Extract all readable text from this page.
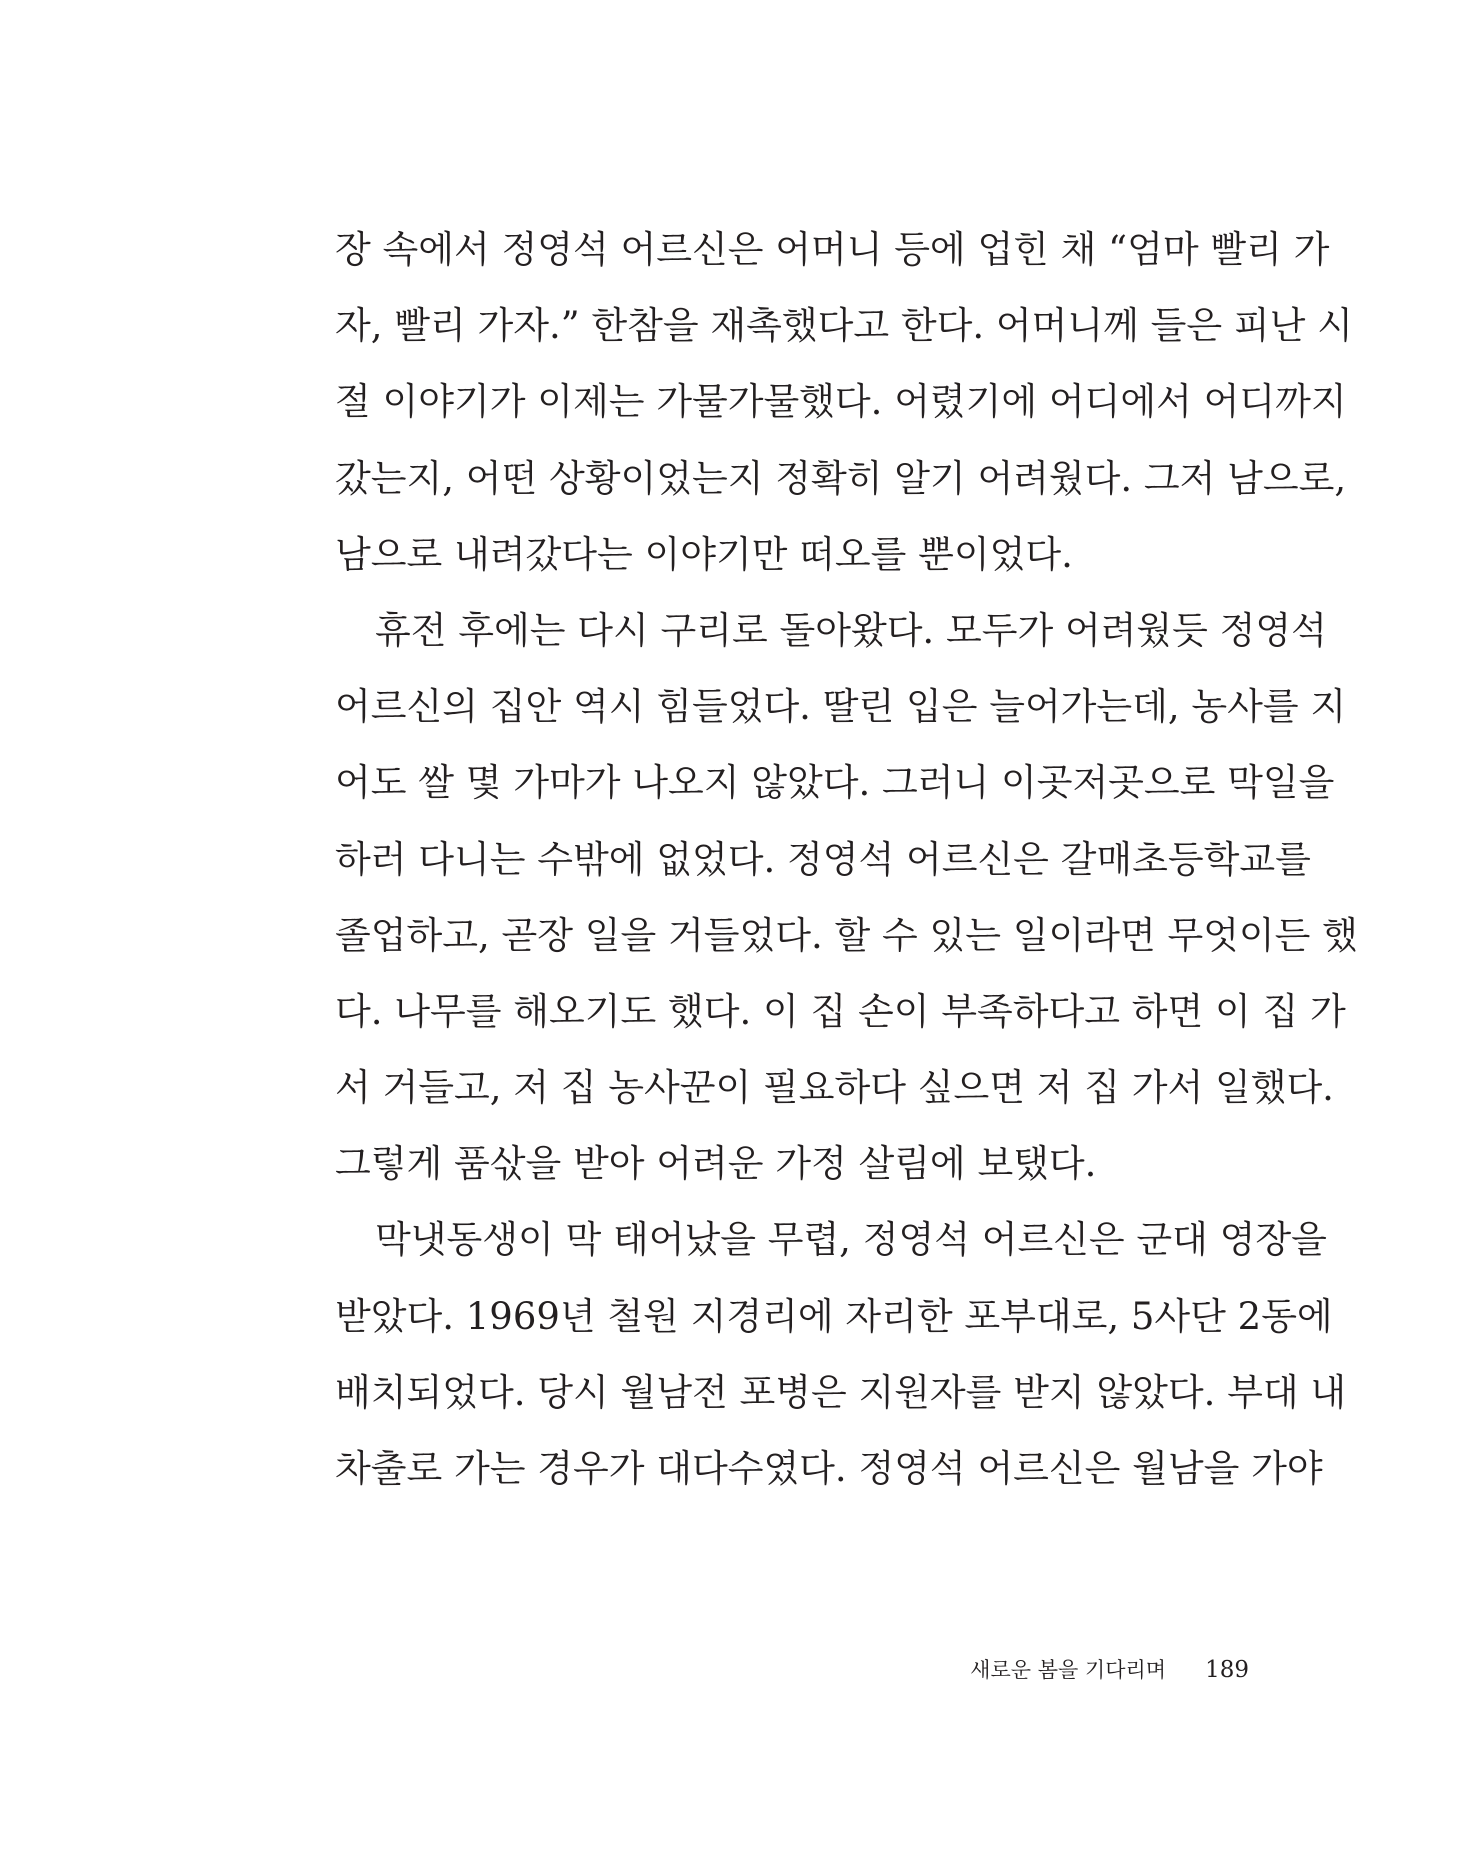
장 속에서 정영석 어르신은 어머니 등에 업힌 채 “엄마 빨리 가
자, 빨리 가자.” 한참을 재촉했다고 한다. 어머니께 들은 피난 시
절 이야기가 이제는 가물가물했다. 어렸기에 어디에서 어디까지
갔는지, 어떤 상황이었는지 정확히 알기 어려웠다. 그저 남으로,
남으로 내려갔다는 이야기만 떠오를 뿐이었다.
휴전 후에는 다시 구리로 돌아왔다. 모두가 어려웠듯 정영석
어르신의 집안 역시 힘들었다. 딸린 입은 늘어가는데, 농사를 지
어도 쌀 몇 가마가 나오지 않았다. 그러니 이곳저곳으로 막일을
하러 다니는 수밖에 없었다. 정영석 어르신은 갈매초등학교를
졸업하고, 곧장 일을 거들었다. 할 수 있는 일이라면 무엇이든 했
다. 나무를 해오기도 했다. 이 집 손이 부족하다고 하면 이 집 가
서 거들고, 저 집 농사꾼이 필요하다 싶으면 저 집 가서 일했다.
그렇게 품삯을 받아 어려운 가정 살림에 보탰다.
막냇동생이 막 태어났을 무렵, 정영석 어르신은 군대 영장을
받았다. 1969년 철원 지경리에 자리한 포부대로, 5사단 2동에
배치되었다. 당시 월남전 포병은 지원자를 받지 않았다. 부대 내
차출로 가는 경우가 대다수였다. 정영석 어르신은 월남을 가야
새로운 봄을 기다리며 189
